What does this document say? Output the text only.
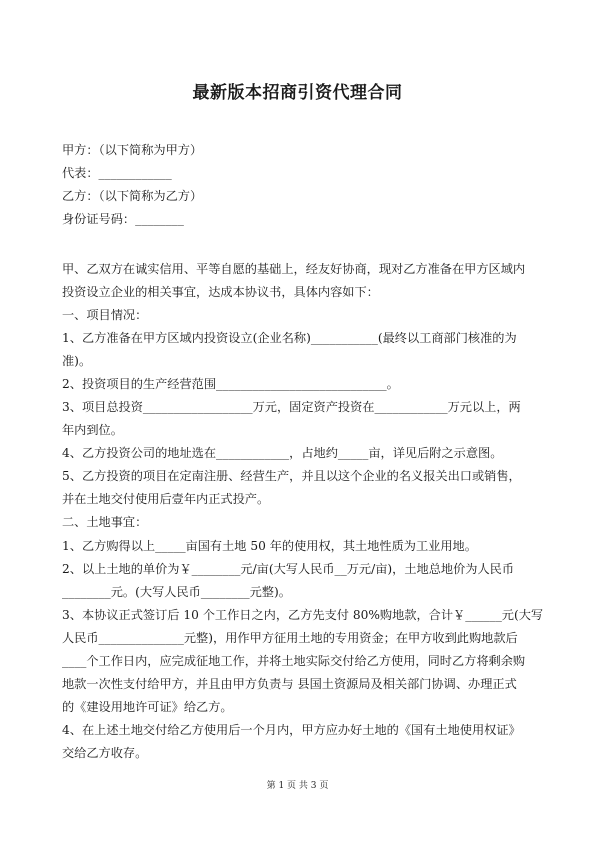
最新版本招商引资代理合同
甲方：（以下简称为甲方）
代表：____________
乙方：（以下简称为乙方）
身份证号码：________
甲、乙双方在诚实信用、平等自愿的基础上，经友好协商，现对乙方准备在甲方区域内
投资设立企业的相关事宜，达成本协议书，具体内容如下：
一、项目情况：
1、乙方准备在甲方区域内投资设立(企业名称)___________(最终以工商部门核准的为
准)。
2、投资项目的生产经营范围____________________________。
3、项目总投资__________________万元，固定资产投资在____________万元以上，两
年内到位。
4、乙方投资公司的地址选在____________，占地约_____亩，详见后附之示意图。
5、乙方投资的项目在定南注册、经营生产，并且以这个企业的名义报关出口或销售，
并在土地交付使用后壹年内正式投产。
二、土地事宜：
1、乙方购得以上_____亩国有土地 50 年的使用权，其土地性质为工业用地。
2、以上土地的单价为￥________元/亩(大写人民币__万元/亩)，土地总地价为人民币
________元。(大写人民币________元整)。
3、本协议正式签订后 10 个工作日之内，乙方先支付 80%购地款，合计￥______元(大写
人民币______________元整)，用作甲方征用土地的专用资金；在甲方收到此购地款后
____个工作日内，应完成征地工作，并将土地实际交付给乙方使用，同时乙方将剩余购
地款一次性支付给甲方，并且由甲方负责与 县国土资源局及相关部门协调、办理正式
的《建设用地许可证》给乙方。
4、在上述土地交付给乙方使用后一个月内，甲方应办好土地的《国有土地使用权证》
交给乙方收存。
第 1 页 共 3 页
